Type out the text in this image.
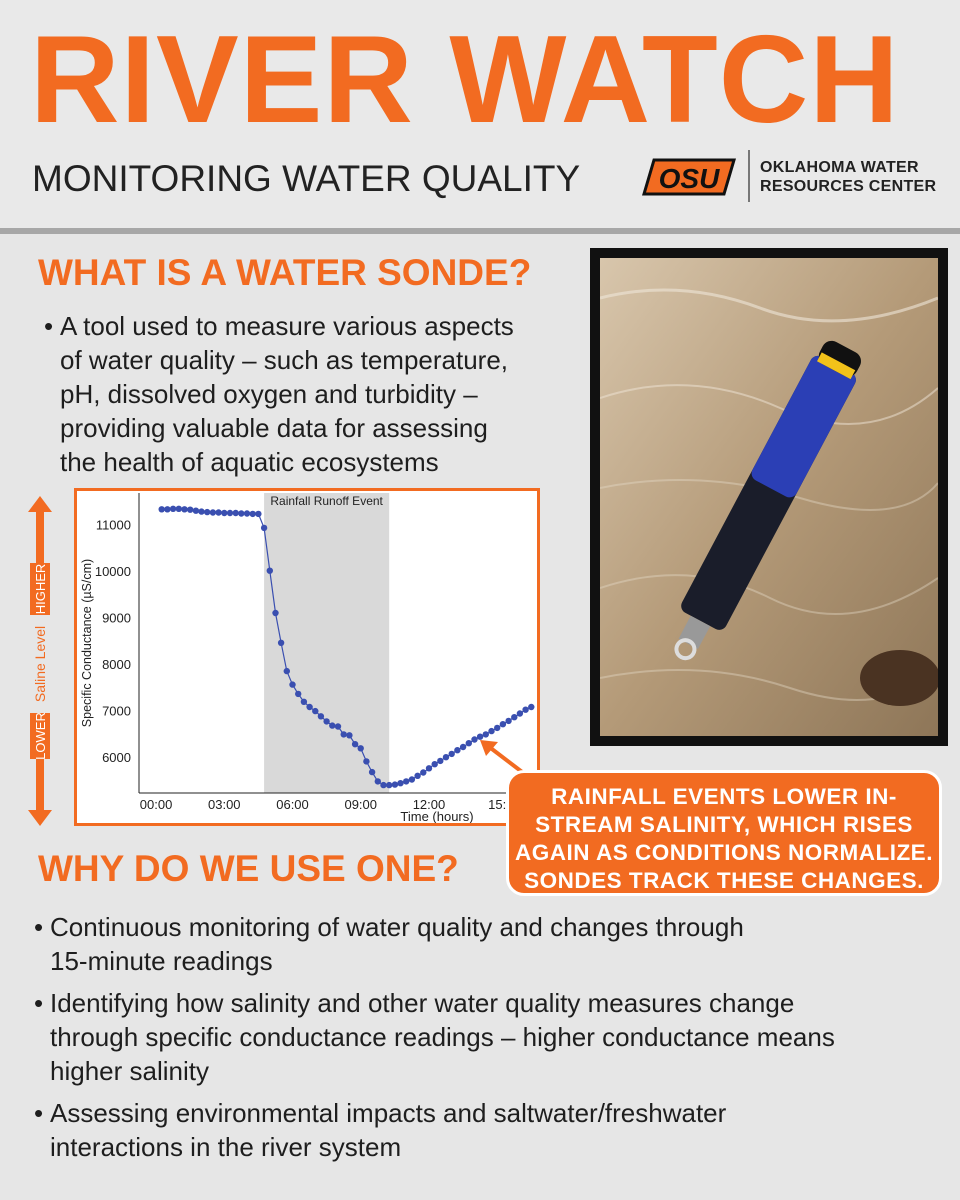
RIVER WATCH
MONITORING WATER QUALITY	OSU	OKLAHOMA WATER
RESOURCES CENTER
WHAT IS A WATER SONDE?
• A tool used to measure various aspects
of water quality – such as temperature,
pH, dissolved oxygen and turbidity –
providing valuable data for assessing
the health of aquatic ecosystems
LOWER
Saline Level
HIGHER
Rainfall Runoff Event
6000
7000
8000
9000
10000
11000
00:00	03:00	06:00	09:00	12:00	15:
Specific Conductance (µS/cm)
Time (hours)
RAINFALL EVENTS LOWER IN-STREAM SALINITY, WHICH RISES AGAIN AS CONDITIONS NORMALIZE. SONDES TRACK THESE CHANGES.
WHY DO WE USE ONE?
• Continuous monitoring of water quality and changes through
15-minute readings
• Identifying how salinity and other water quality measures change
through specific conductance readings – higher conductance means
higher salinity
• Assessing environmental impacts and saltwater/freshwater
interactions in the river system
